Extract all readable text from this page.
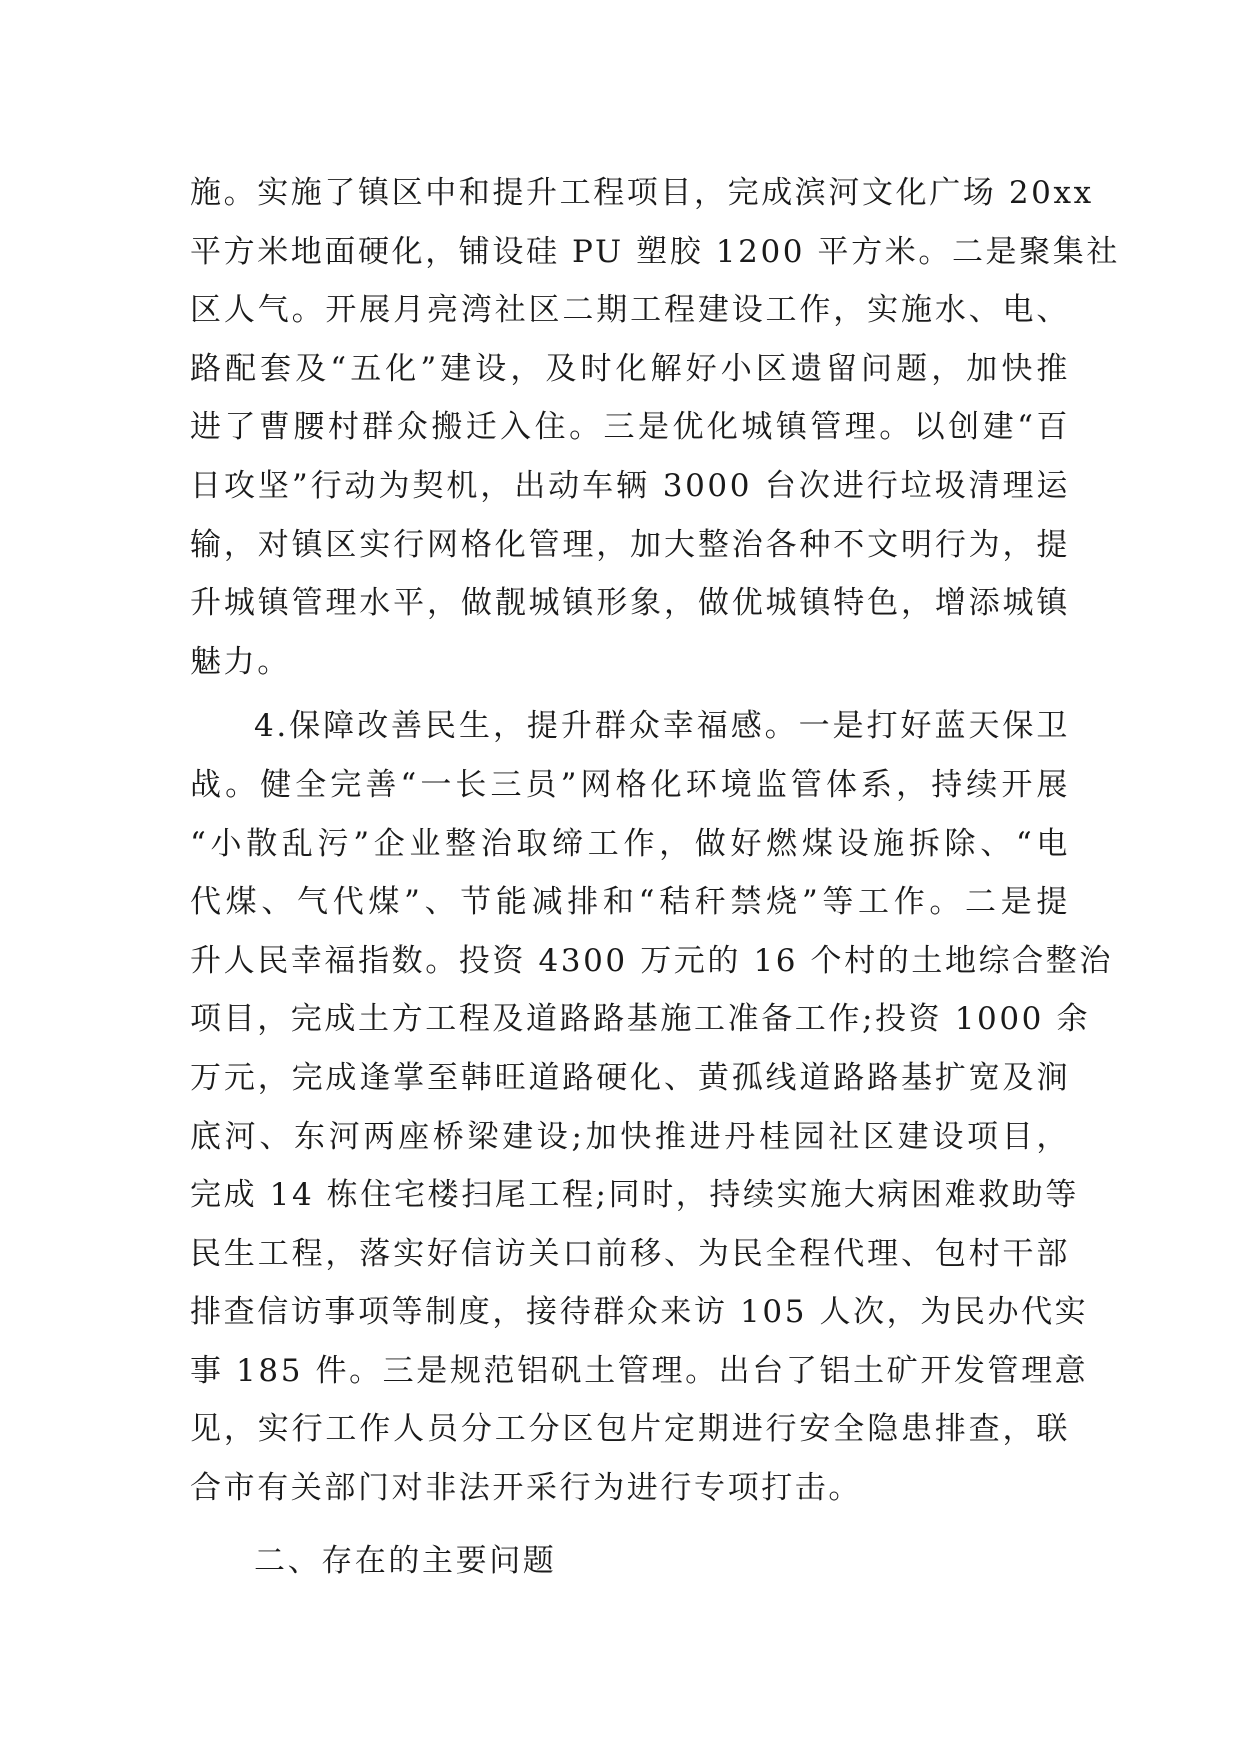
施。实施了镇区中和提升工程项目，完成滨河文化广场 20xx
平方米地面硬化，铺设硅 PU 塑胶 1200 平方米。二是聚集社
区人气。开展月亮湾社区二期工程建设工作，实施水、电、
路配套及“五化”建设，及时化解好小区遗留问题，加快推
进了曹腰村群众搬迁入住。三是优化城镇管理。以创建“百
日攻坚”行动为契机，出动车辆 3000 台次进行垃圾清理运
输，对镇区实行网格化管理，加大整治各种不文明行为，提
升城镇管理水平，做靓城镇形象，做优城镇特色，增添城镇
魅力。
4.保障改善民生，提升群众幸福感。一是打好蓝天保卫
战。健全完善“一长三员”网格化环境监管体系，持续开展
“小散乱污”企业整治取缔工作，做好燃煤设施拆除、“电
代煤、气代煤”、节能减排和“秸秆禁烧”等工作。二是提
升人民幸福指数。投资 4300 万元的 16 个村的土地综合整治
项目，完成土方工程及道路路基施工准备工作;投资 1000 余
万元，完成逢掌至韩旺道路硬化、黄孤线道路路基扩宽及涧
底河、东河两座桥梁建设;加快推进丹桂园社区建设项目，
完成 14 栋住宅楼扫尾工程;同时，持续实施大病困难救助等
民生工程，落实好信访关口前移、为民全程代理、包村干部
排查信访事项等制度，接待群众来访 105 人次，为民办代实
事 185 件。三是规范铝矾土管理。出台了铝土矿开发管理意
见，实行工作人员分工分区包片定期进行安全隐患排查，联
合市有关部门对非法开采行为进行专项打击。
二、存在的主要问题
